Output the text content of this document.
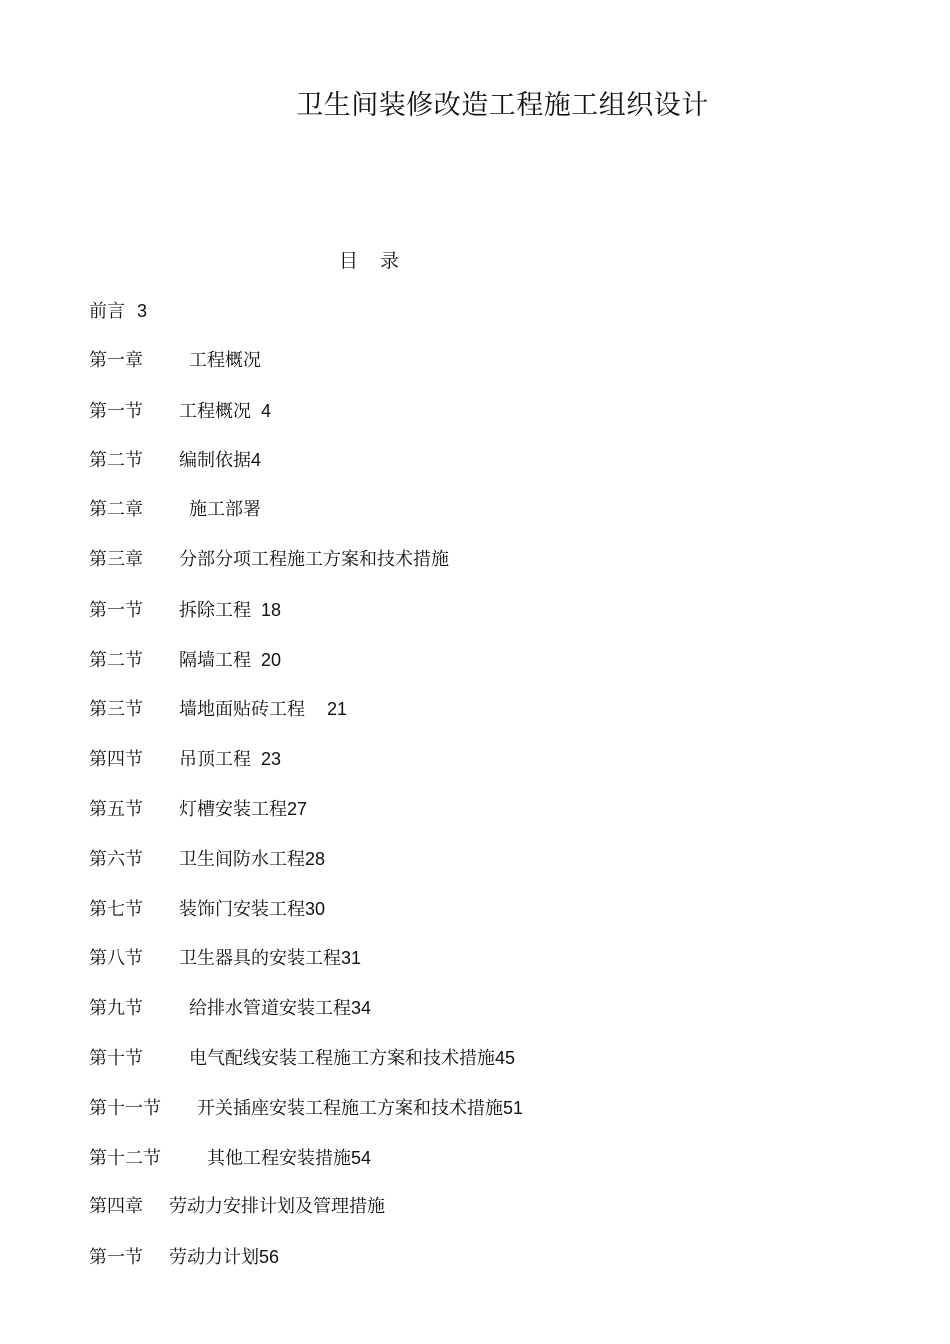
卫生间装修改造工程施工组织设计
目 录
前言 3
第一章	工程概况
第一节 工程概况 4
第二节 编制依据4
第二章	施工部署
第三章 分部分项工程施工方案和技术措施
第一节 拆除工程 18
第二节 隔墙工程 20
第三节 墙地面贴砖工程 21
第四节 吊顶工程 23
第五节 灯槽安装工程27
第六节 卫生间防水工程28
第七节 装饰门安装工程30
第八节 卫生器具的安装工程31
第九节	给排水管道安装工程34
第十节	电气配线安装工程施工方案和技术措施45
第十一节 开关插座安装工程施工方案和技术措施51
第十二节	其他工程安装措施54
第四章 劳动力安排计划及管理措施
第一节 劳动力计划56
